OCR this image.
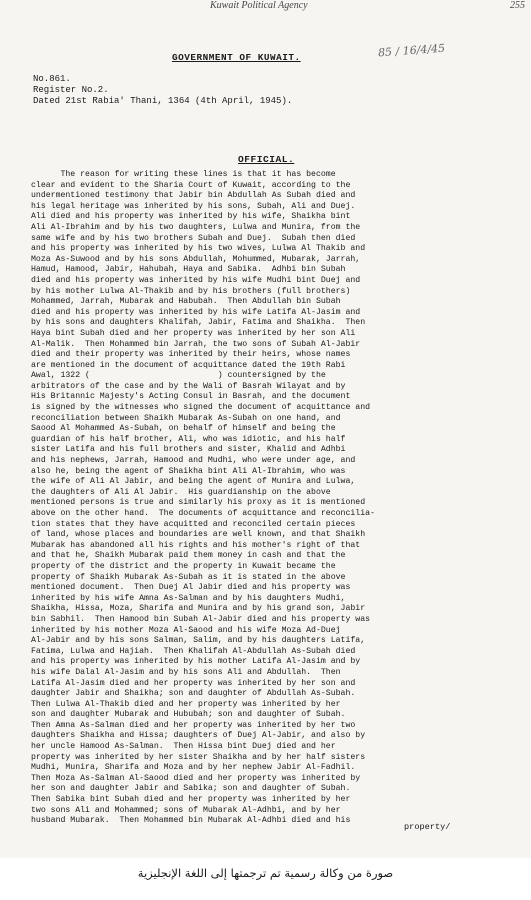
Kuwait Political Agency	255
GOVERNMENT OF KUWAIT.	85 / 16/4/45
No.861.
Register No.2.
Dated 21st Rabia' Thani, 1364 (4th April, 1945).
OFFICIAL.
The reason for writing these lines is that it has become
clear and evident to the Sharia Court of Kuwait, according to the
undermentioned testimony that Jabir bin Abdullah As Subah died and
his legal heritage was inherited by his sons, Subah, Ali and Duej.
Ali died and his property was inherited by his wife, Shaikha bint
Ali Al-Ibrahim and by his two daughters, Lulwa and Munira, from the
same wife and by his two brothers Subah and Duej.  Subah then died
and his property was inherited by his two wives, Lulwa Al Thakib and
Moza As-Suwood and by his sons Abdullah, Mohummed, Mubarak, Jarrah,
Hamud, Hamood, Jabir, Hahubah, Haya and Sabika.  Adhbi bin Subah
died and his property was inherited by his wife Mudhi bint Duej and
by his mother Lulwa Al-Thakib and by his brothers (full brothers)
Mohammed, Jarrah, Mubarak and Habubah.  Then Abdullah bin Subah
died and his property was inherited by his wife Latifa Al-Jasim and
by his sons and daughters Khalifah, Jabir, Fatima and Shaikha.  Then
Haya bint Subah died and her property was inherited by her son Ali
Al-Malik.  Then Mohammed bin Jarrah, the two sons of Subah Al-Jabir
died and their property was inherited by their heirs, whose names
are mentioned in the document of acquittance dated the 19th Rabi
Awal, 1322 (                          ) countersigned by the
arbitrators of the case and by the Wali of Basrah Wilayat and by
His Britannic Majesty's Acting Consul in Basrah, and the document
is signed by the witnesses who signed the document of acquittance and
reconciliation between Shaikh Mubarak As-Subah on one hand, and
Saood Al Mohammed As-Subah, on behalf of himself and being the
guardian of his half brother, Ali, who was idiotic, and his half
sister Latifa and his full brothers and sister, Khalid and Adhbi
and his nephews, Jarrah, Hamood and Mudhi, who were under age, and
also he, being the agent of Shaikha bint Ali Al-Ibrahim, who was
the wife of Ali Al Jabir, and being the agent of Munira and Lulwa,
the daughters of Ali Al Jabir.  His guardianship on the above
mentioned persons is true and similarly his proxy as it is mentioned
above on the other hand.  The documents of acquittance and reconcilia-
tion states that they have acquitted and reconciled certain pieces
of land, whose places and boundaries are well known, and that Shaikh
Mubarak has abandoned all his rights and his mother's right of that
and that he, Shaikh Mubarak paid them money in cash and that the
property of the district and the property in Kuwait became the
property of Shaikh Mubarak As-Subah as it is stated in the above
mentioned document.  Then Duej Al Jabir died and his property was
inherited by his wife Amna As-Salman and by his daughters Mudhi,
Shaikha, Hissa, Moza, Sharifa and Munira and by his grand son, Jabir
bin Sabhil.  Then Hamood bin Subah Al-Jabir died and his property was
inherited by his mother Moza Al-Saood and his wife Moza Ad-Duej
Al-Jabir and by his sons Salman, Salim, and by his daughters Latifa,
Fatima, Lulwa and Hajiah.  Then Khalifah Al-Abdullah As-Subah died
and his property was inherited by his mother Latifa Al-Jasim and by
his wife Dalal Al-Jasim and by his sons Ali and Abdullah.  Then
Latifa Al-Jasim died and her property was inherited by her son and
daughter Jabir and Shaikha; son and daughter of Abdullah As-Subah.
Then Lulwa Al-Thakib died and her property was inherited by her
son and daughter Mubarak and Hububah; son and daughter of Subah.
Then Amna As-Salman died and her property was inherited by her two
daughters Shaikha and Hissa; daughters of Duej Al-Jabir, and also by
her uncle Hamood As-Salman.  Then Hissa bint Duej died and her
property was inherited by her sister Shaikha and by her half sisters
Mudhi, Munira, Sharifa and Moza and by her nephew Jabir Al-Fadhil.
Then Moza As-Salman Al-Saood died and her property was inherited by
her son and daughter Jabir and Sabika; son and daughter of Subah.
Then Sabika bint Subah died and her property was inherited by her
two sons Ali and Mohammed; sons of Mubarak Al-Adhbi, and by her
husband Mubarak.  Then Mohammed bin Mubarak Al-Adhbi died and his
property/
صورة من وكالة رسمية تم ترجمتها إلى اللغة الإنجليزية
